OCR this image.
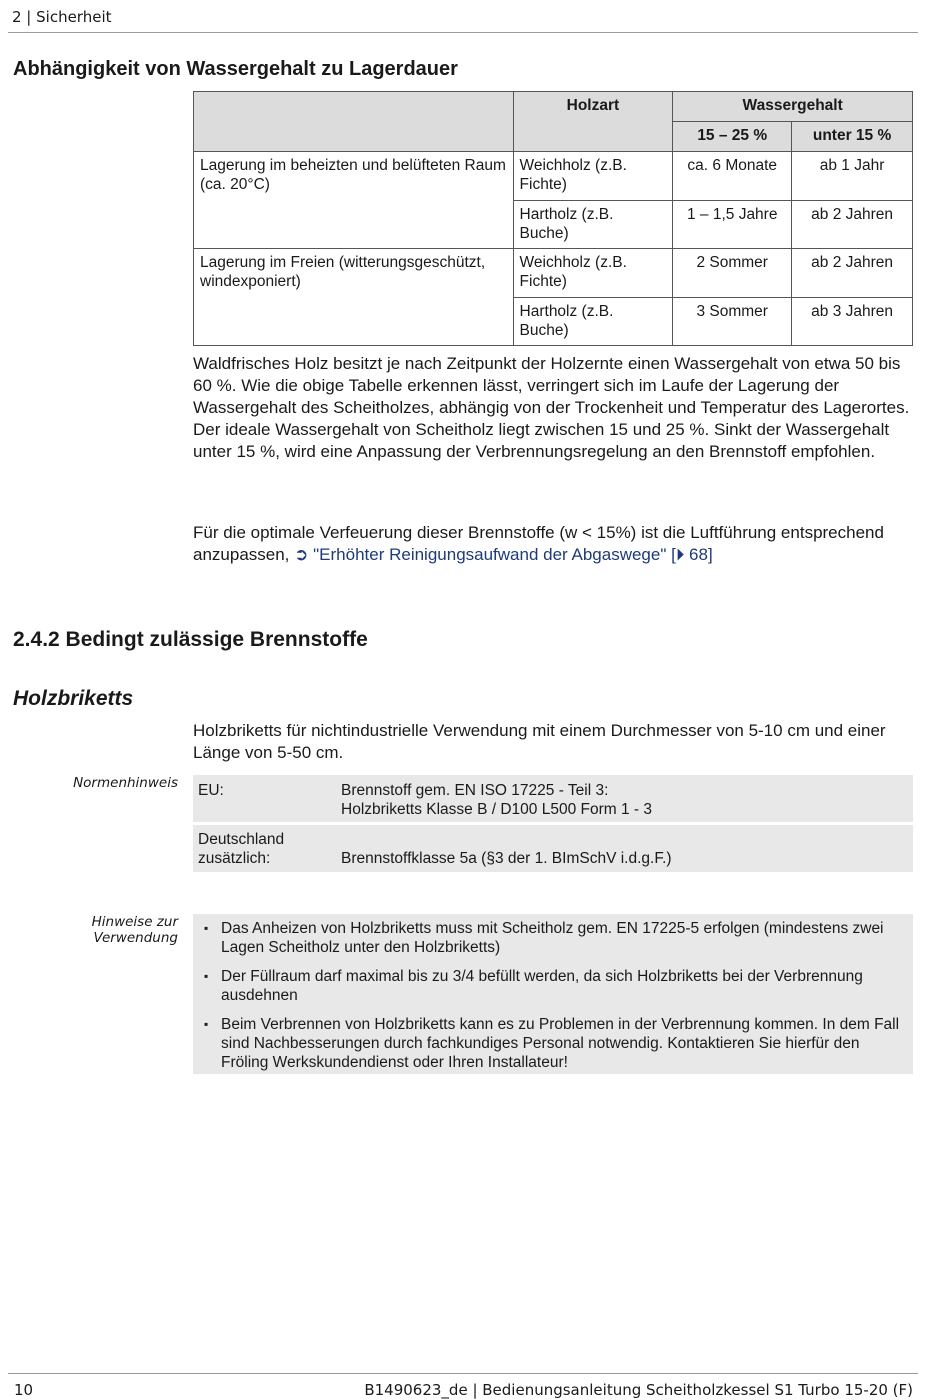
2 | Sicherheit
Abhängigkeit von Wassergehalt zu Lagerdauer
	Holzart	Wassergehalt	
		15 – 25 %	unter 15 %
Lagerung im beheizten und belüfteten Raum (ca. 20°C)	Weichholz (z.B. Fichte)	ca. 6 Monate	ab 1 Jahr
	Hartholz (z.B. Buche)	1 – 1,5 Jahre	ab 2 Jahren
Lagerung im Freien (witterungsgeschützt, windexponiert)	Weichholz (z.B. Fichte)	2 Sommer	ab 2 Jahren
	Hartholz (z.B. Buche)	3 Sommer	ab 3 Jahren
Waldfrisches Holz besitzt je nach Zeitpunkt der Holzernte einen Wassergehalt von etwa 50 bis 60 %. Wie die obige Tabelle erkennen lässt, verringert sich im Laufe der Lagerung der Wassergehalt des Scheitholzes, abhängig von der Trockenheit und Temperatur des Lagerortes. Der ideale Wassergehalt von Scheitholz liegt zwischen 15 und 25 %. Sinkt der Wassergehalt unter 15 %, wird eine Anpassung der Verbrennungsregelung an den Brennstoff empfohlen.
Für die optimale Verfeuerung dieser Brennstoffe (w < 15%) ist die Luftführung entsprechend anzupassen, ➲ "Erhöhter Reinigungsaufwand der Abgaswege" [⏵ 68]
2.4.2 Bedingt zulässige Brennstoffe
Holzbriketts
Holzbriketts für nichtindustrielle Verwendung mit einem Durchmesser von 5-10 cm und einer Länge von 5-50 cm.
Normenhinweis EU:	Brennstoff gem. EN ISO 17225 - Teil 3:
Holzbriketts Klasse B / D100 L500 Form 1 - 3
Deutschland
zusätzlich:	Brennstoffklasse 5a (§3 der 1. BImSchV i.d.g.F.)
Hinweise zur
Verwendung
▪ Das Anheizen von Holzbriketts muss mit Scheitholz gem. EN 17225-5 erfolgen (mindestens zwei Lagen Scheitholz unter den Holzbriketts)
▪ Der Füllraum darf maximal bis zu 3/4 befüllt werden, da sich Holzbriketts bei der Verbrennung ausdehnen
▪ Beim Verbrennen von Holzbriketts kann es zu Problemen in der Verbrennung kommen. In dem Fall sind Nachbesserungen durch fachkundiges Personal notwendig. Kontaktieren Sie hierfür den Fröling Werkskundendienst oder Ihren Installateur!
10	B1490623_de | Bedienungsanleitung Scheitholzkessel S1 Turbo 15-20 (F)
